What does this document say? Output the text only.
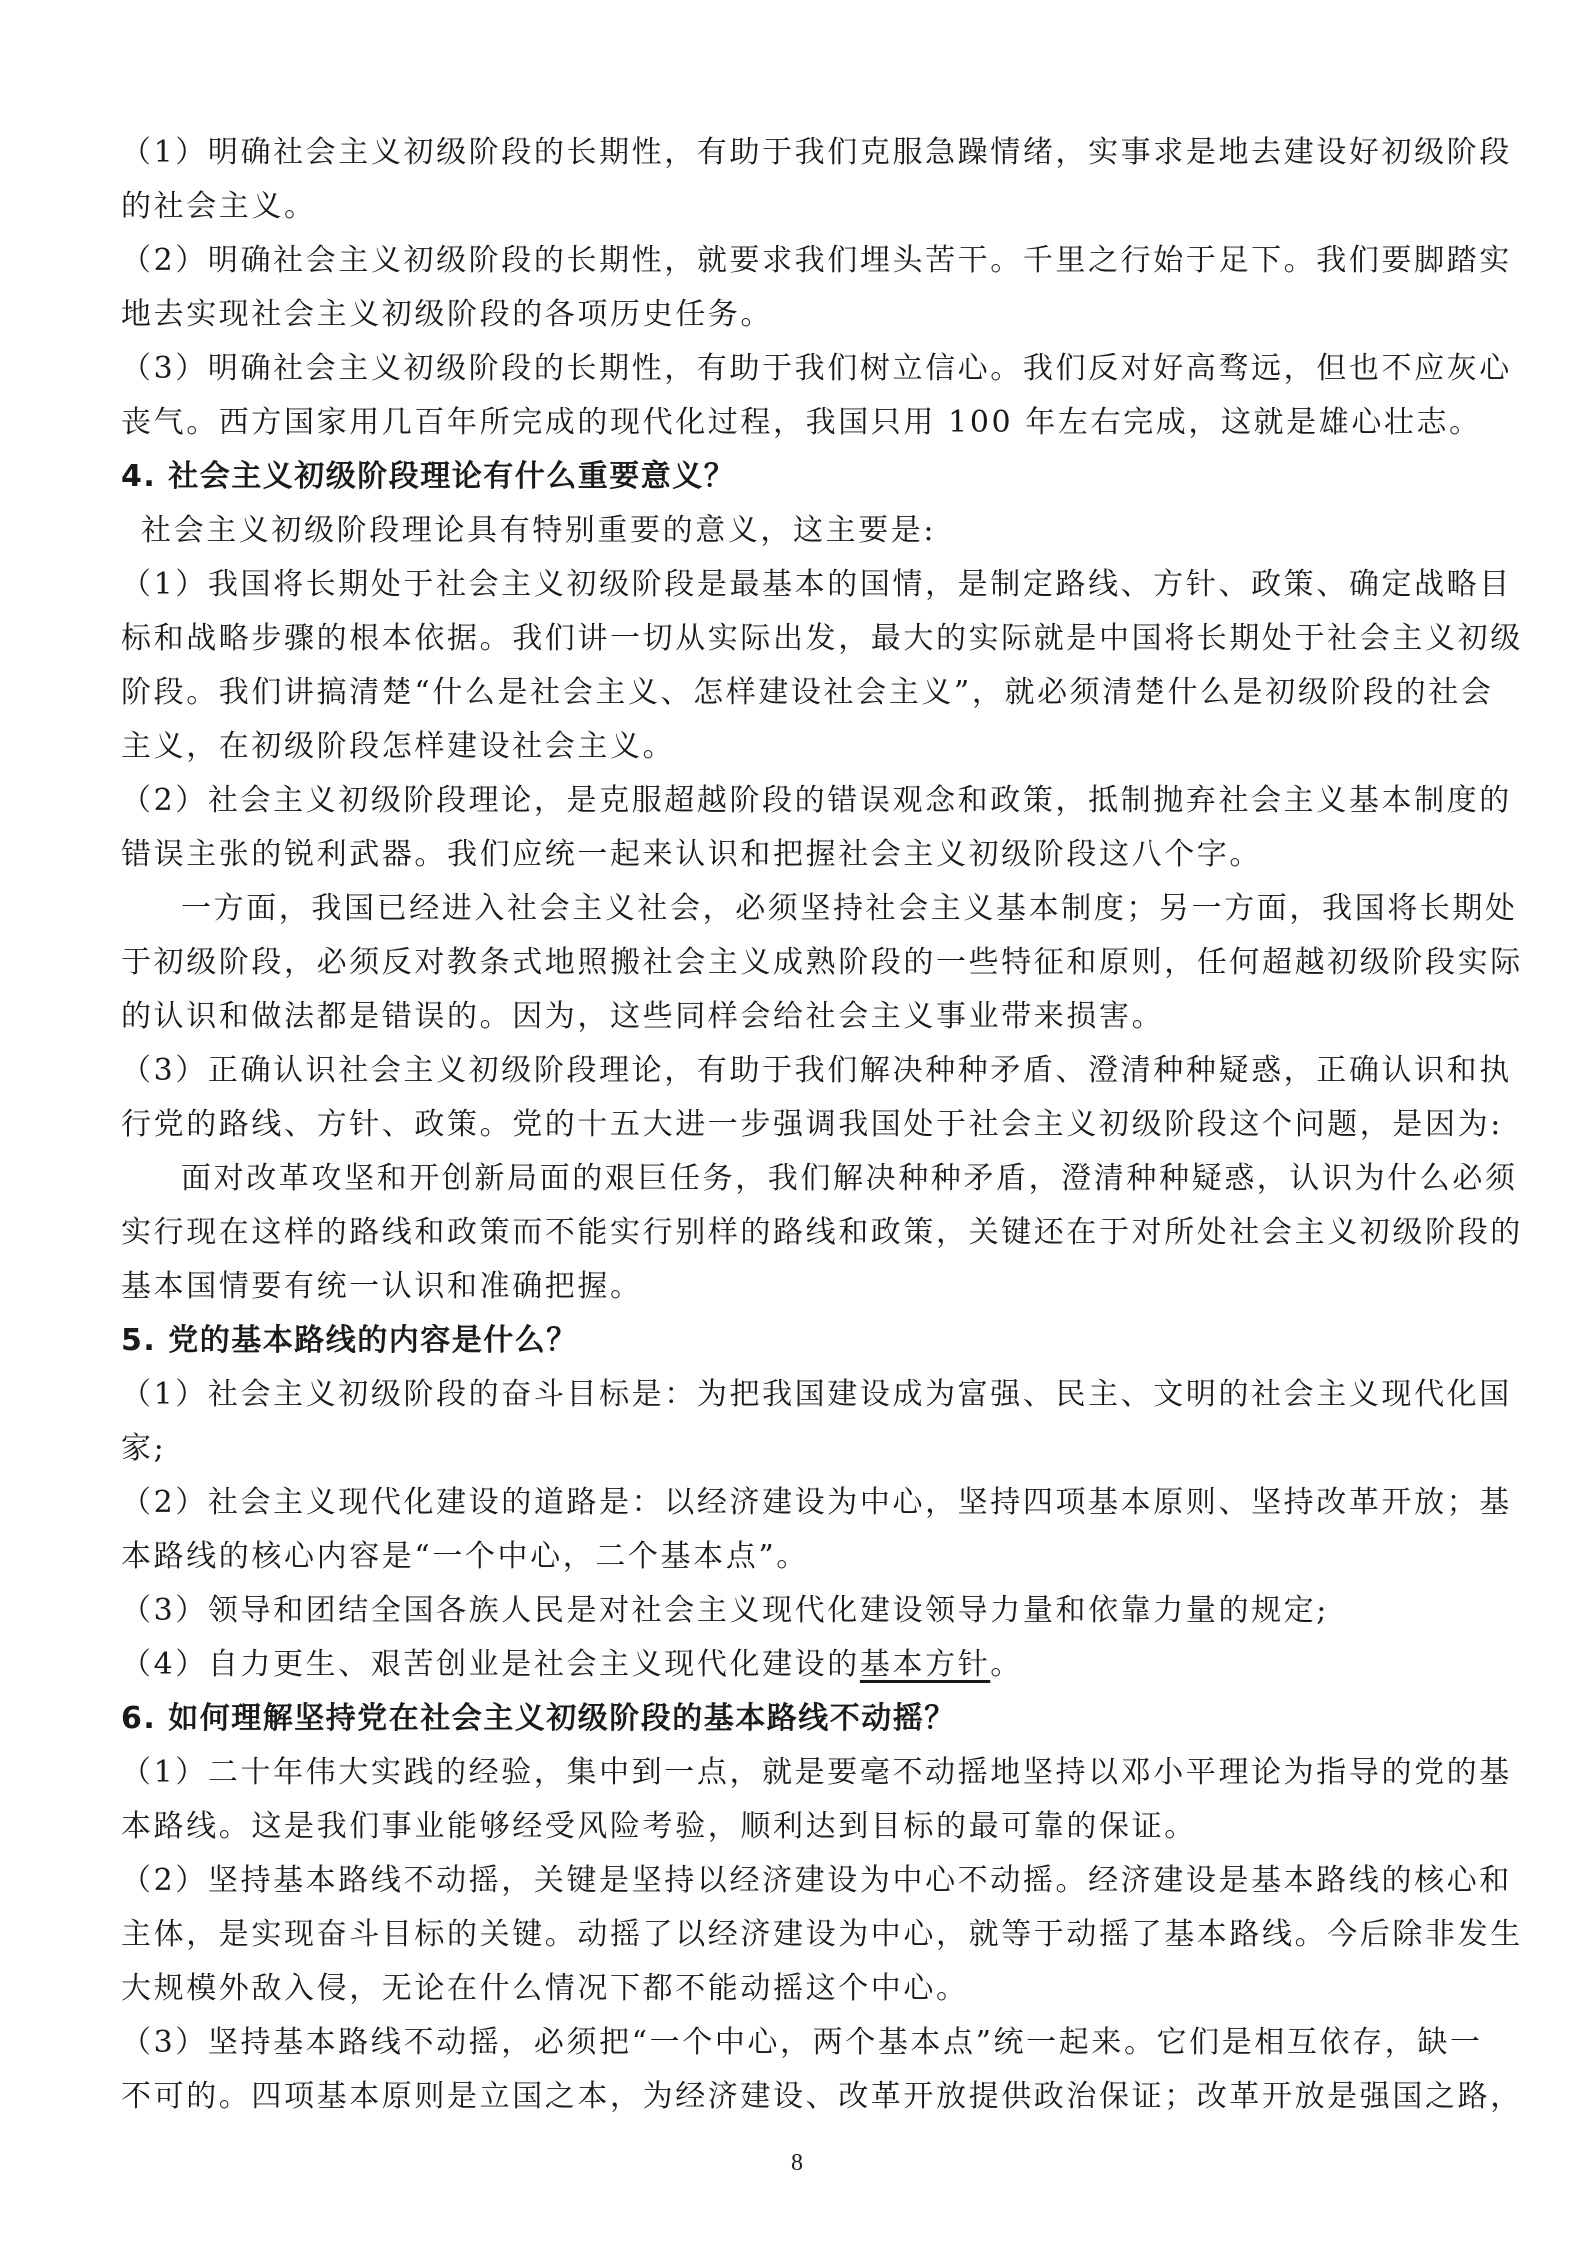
（1）明确社会主义初级阶段的长期性，有助于我们克服急躁情绪，实事求是地去建设好初级阶段
的社会主义。
（2）明确社会主义初级阶段的长期性，就要求我们埋头苦干。千里之行始于足下。我们要脚踏实
地去实现社会主义初级阶段的各项历史任务。
（3）明确社会主义初级阶段的长期性，有助于我们树立信心。我们反对好高骛远，但也不应灰心
丧气。西方国家用几百年所完成的现代化过程，我国只用 100 年左右完成，这就是雄心壮志。
4. 社会主义初级阶段理论有什么重要意义？
社会主义初级阶段理论具有特别重要的意义，这主要是:
（1）我国将长期处于社会主义初级阶段是最基本的国情，是制定路线、方针、政策、确定战略目
标和战略步骤的根本依据。我们讲一切从实际出发，最大的实际就是中国将长期处于社会主义初级
阶段。我们讲搞清楚“什么是社会主义、怎样建设社会主义”，就必须清楚什么是初级阶段的社会
主义，在初级阶段怎样建设社会主义。
（2）社会主义初级阶段理论，是克服超越阶段的错误观念和政策，抵制抛弃社会主义基本制度的
错误主张的锐利武器。我们应统一起来认识和把握社会主义初级阶段这八个字。
一方面，我国已经进入社会主义社会，必须坚持社会主义基本制度；另一方面，我国将长期处
于初级阶段，必须反对教条式地照搬社会主义成熟阶段的一些特征和原则，任何超越初级阶段实际
的认识和做法都是错误的。因为，这些同样会给社会主义事业带来损害。
（3）正确认识社会主义初级阶段理论，有助于我们解决种种矛盾、澄清种种疑惑，正确认识和执
行党的路线、方针、政策。党的十五大进一步强调我国处于社会主义初级阶段这个问题，是因为:
面对改革攻坚和开创新局面的艰巨任务，我们解决种种矛盾，澄清种种疑惑，认识为什么必须
实行现在这样的路线和政策而不能实行别样的路线和政策，关键还在于对所处社会主义初级阶段的
基本国情要有统一认识和准确把握。
5. 党的基本路线的内容是什么？
（1）社会主义初级阶段的奋斗目标是：为把我国建设成为富强、民主、文明的社会主义现代化国
家;
（2）社会主义现代化建设的道路是：以经济建设为中心，坚持四项基本原则、坚持改革开放；基
本路线的核心内容是“一个中心，二个基本点”。
（3）领导和团结全国各族人民是对社会主义现代化建设领导力量和依靠力量的规定;
（4）自力更生、艰苦创业是社会主义现代化建设的基本方针。
6. 如何理解坚持党在社会主义初级阶段的基本路线不动摇？
（1）二十年伟大实践的经验，集中到一点，就是要毫不动摇地坚持以邓小平理论为指导的党的基
本路线。这是我们事业能够经受风险考验，顺利达到目标的最可靠的保证。
（2）坚持基本路线不动摇，关键是坚持以经济建设为中心不动摇。经济建设是基本路线的核心和
主体，是实现奋斗目标的关键。动摇了以经济建设为中心，就等于动摇了基本路线。今后除非发生
大规模外敌入侵，无论在什么情况下都不能动摇这个中心。
（3）坚持基本路线不动摇，必须把“一个中心，两个基本点”统一起来。它们是相互依存，缺一
不可的。四项基本原则是立国之本，为经济建设、改革开放提供政治保证；改革开放是强国之路，
8
